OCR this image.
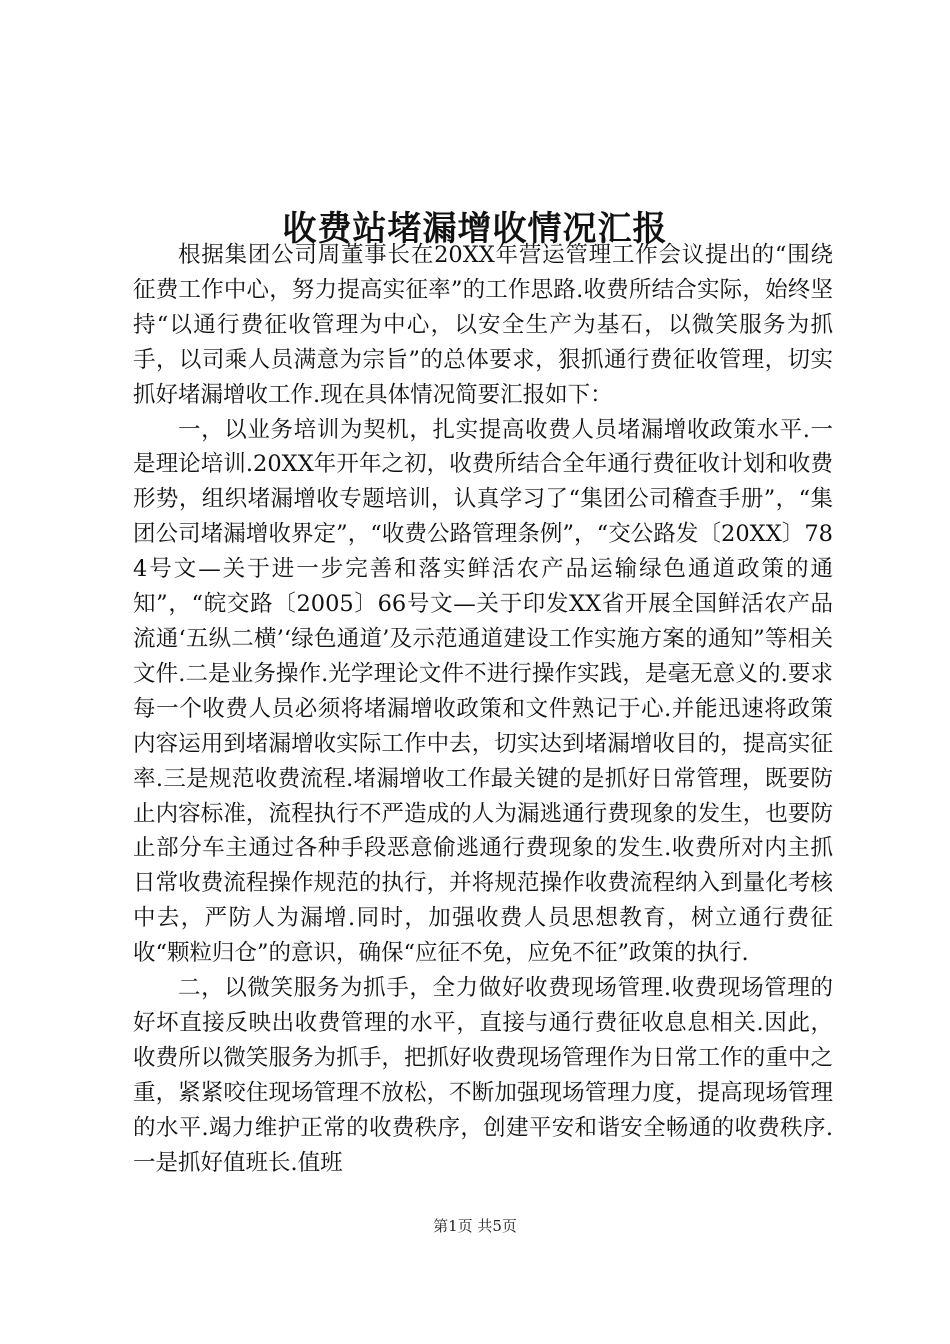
收费站堵漏增收情况汇报

根据集团公司周董事长在20XX年营运管理工作会议提出的“围绕征费工作中心，努力提高实征率”的工作思路.收费所结合实际，始终坚持“以通行费征收管理为中心，以安全生产为基石，以微笑服务为抓手，以司乘人员满意为宗旨”的总体要求，狠抓通行费征收管理，切实抓好堵漏增收工作.现在具体情况简要汇报如下：

一，以业务培训为契机，扎实提高收费人员堵漏增收政策水平.一是理论培训.20XX年开年之初，收费所结合全年通行费征收计划和收费形势，组织堵漏增收专题培训，认真学习了“集团公司稽查手册”，“集团公司堵漏增收界定”，“收费公路管理条例”，“交公路发〔20XX〕784号文—关于进一步完善和落实鲜活农产品运输绿色通道政策的通知”，“皖交路〔2005〕66号文—关于印发XX省开展全国鲜活农产品流通‘五纵二横’‘绿色通道’及示范通道建设工作实施方案的通知”等相关文件.二是业务操作.光学理论文件不进行操作实践，是毫无意义的.要求每一个收费人员必须将堵漏增收政策和文件熟记于心.并能迅速将政策内容运用到堵漏增收实际工作中去，切实达到堵漏增收目的，提高实征率.三是规范收费流程.堵漏增收工作最关键的是抓好日常管理，既要防止内容标准，流程执行不严造成的人为漏逃通行费现象的发生，也要防止部分车主通过各种手段恶意偷逃通行费现象的发生.收费所对内主抓日常收费流程操作规范的执行，并将规范操作收费流程纳入到量化考核中去，严防人为漏增.同时，加强收费人员思想教育，树立通行费征收“颗粒归仓”的意识，确保“应征不免，应免不征”政策的执行.

二，以微笑服务为抓手，全力做好收费现场管理.收费现场管理的好坏直接反映出收费管理的水平，直接与通行费征收息息相关.因此，收费所以微笑服务为抓手，把抓好收费现场管理作为日常工作的重中之重，紧紧咬住现场管理不放松，不断加强现场管理力度，提高现场管理的水平.竭力维护正常的收费秩序，创建平安和谐安全畅通的收费秩序.一是抓好值班长.值班

第1页 共5页
